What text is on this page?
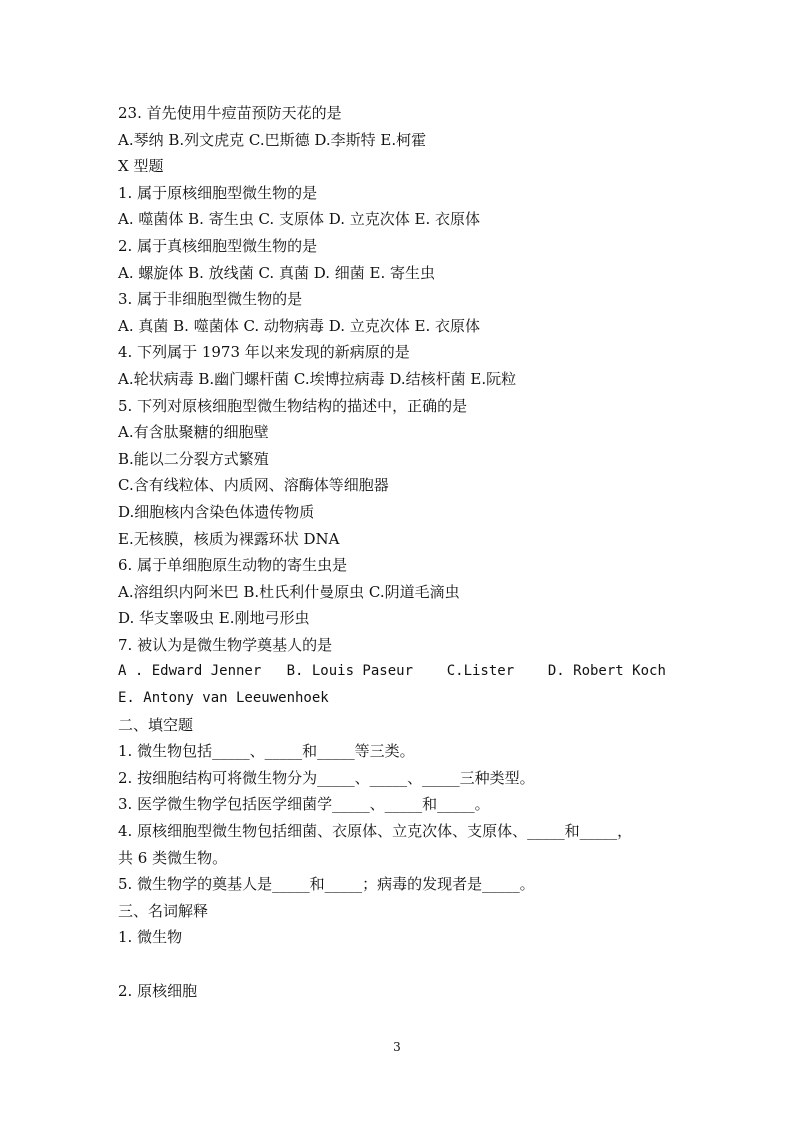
23. 首先使用牛痘苗预防天花的是
A.琴纳 B.列文虎克 C.巴斯德 D.李斯特 E.柯霍
X 型题
1. 属于原核细胞型微生物的是
A. 噬菌体 B. 寄生虫 C. 支原体 D. 立克次体 E. 衣原体
2. 属于真核细胞型微生物的是
A. 螺旋体 B. 放线菌 C. 真菌 D. 细菌 E. 寄生虫
3. 属于非细胞型微生物的是
A. 真菌 B. 噬菌体 C. 动物病毒 D. 立克次体 E. 衣原体
4. 下列属于 1973 年以来发现的新病原的是
A.轮状病毒 B.幽门螺杆菌 C.埃博拉病毒 D.结核杆菌 E.阮粒
5. 下列对原核细胞型微生物结构的描述中，正确的是
A.有含肽聚糖的细胞壁
B.能以二分裂方式繁殖
C.含有线粒体、内质网、溶酶体等细胞器
D.细胞核内含染色体遗传物质
E.无核膜，核质为裸露环状 DNA
6. 属于单细胞原生动物的寄生虫是
A.溶组织内阿米巴 B.杜氏利什曼原虫 C.阴道毛滴虫
D. 华支睾吸虫 E.刚地弓形虫
7. 被认为是微生物学奠基人的是
A . Edward Jenner   B. Louis Paseur    C.Lister    D. Robert Koch
E. Antony van Leeuwenhoek
二、填空题
1. 微生物包括_____、_____和_____等三类。
2. 按细胞结构可将微生物分为_____、_____、_____三种类型。
3. 医学微生物学包括医学细菌学_____、_____和_____。
4. 原核细胞型微生物包括细菌、衣原体、立克次体、支原体、_____和_____，
共 6 类微生物。
5. 微生物学的奠基人是_____和_____；病毒的发现者是_____。
三、名词解释
1. 微生物
2. 原核细胞
3
